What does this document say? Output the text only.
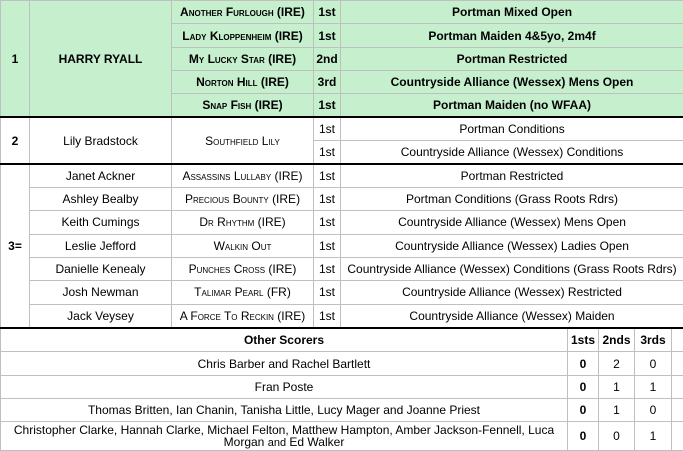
1	HARRY RYALL	Another Furlough (IRE)	1st	Portman Mixed Open				
		Lady Kloppenheim (IRE)	1st	Portman Maiden 4&5yo, 2m4f				
		My Lucky Star (IRE)	2nd	Portman Restricted				
		Norton Hill (IRE)	3rd	Countryside Alliance (Wessex) Mens Open				
		Snap Fish (IRE)	1st	Portman Maiden (no WFAA)				
2	Lily Bradstock	Southfield Lily	1st	Portman Conditions				
			1st	Countryside Alliance (Wessex) Conditions				
3=	Janet Ackner	Assassins Lullaby (IRE)	1st	Portman Restricted				
	Ashley Bealby	Precious Bounty (IRE)	1st	Portman Conditions (Grass Roots Rdrs)				
	Keith Cumings	Dr Rhythm (IRE)	1st	Countryside Alliance (Wessex) Mens Open				
	Leslie Jefford	Walkin Out	1st	Countryside Alliance (Wessex) Ladies Open				
	Danielle Kenealy	Punches Cross (IRE)	1st	Countryside Alliance (Wessex) Conditions (Grass Roots Rdrs)				
	Josh Newman	Talimar Pearl (FR)	1st	Countryside Alliance (Wessex) Restricted				
	Jack Veysey	A Force To Reckin (IRE)	1st	Countryside Alliance (Wessex) Maiden				
Other Scorers					1sts	2nds	3rds	
Chris Barber and Rachel Bartlett					0	2	0	
Fran Poste					0	1	1	
Thomas Britten, Ian Chanin, Tanisha Little, Lucy Mager and Joanne Priest					0	1	0	
Christopher Clarke, Hannah Clarke, Michael Felton, Matthew Hampton, Amber Jackson-Fennell, Luca Morgan and Ed Walker					0	0	1	
